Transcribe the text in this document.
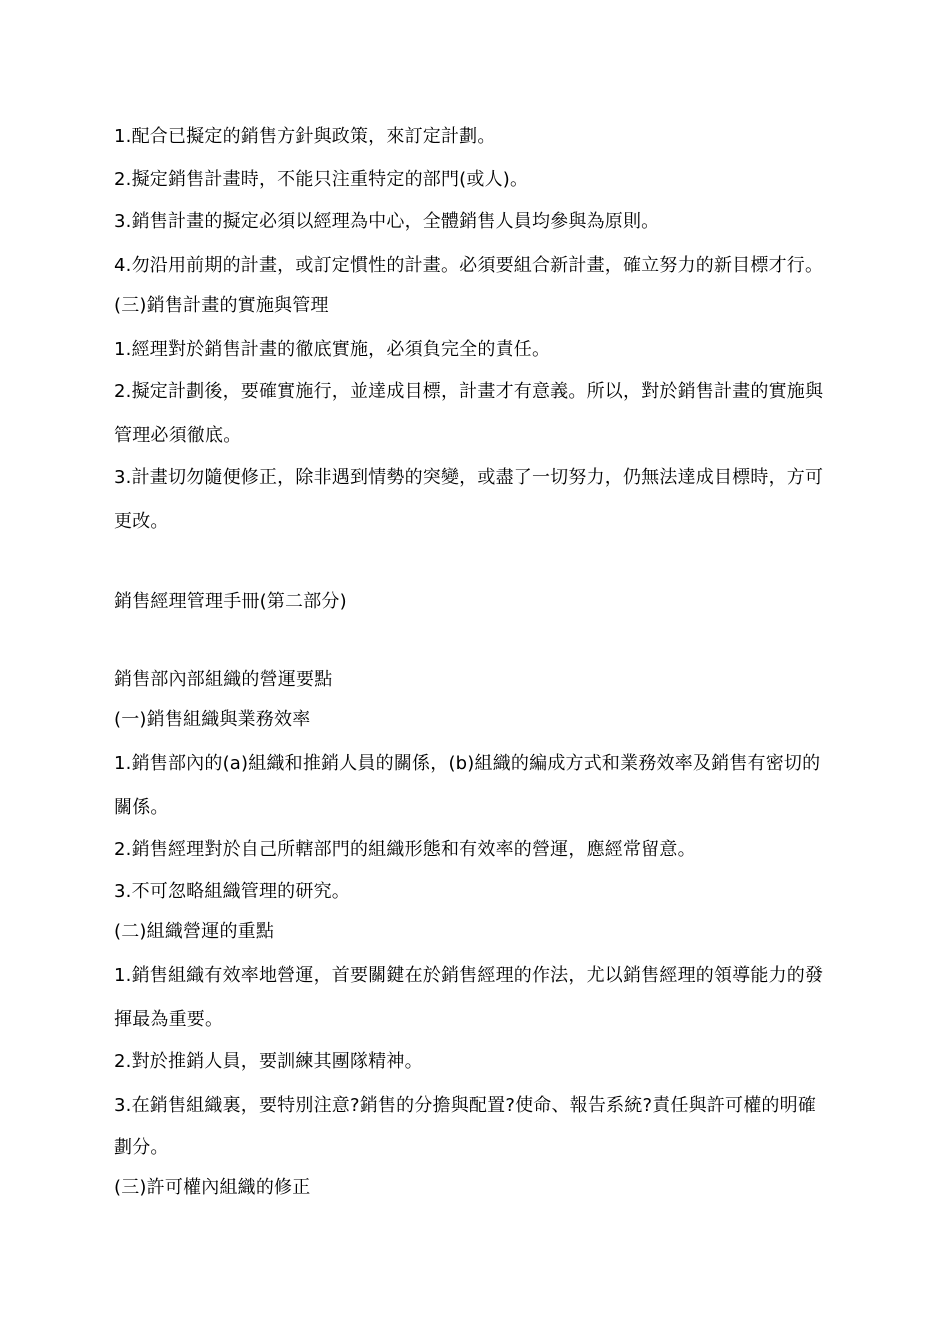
1.配合已擬定的銷售方針與政策，來訂定計劃。
2.擬定銷售計畫時，不能只注重特定的部門(或人)。
3.銷售計畫的擬定必須以經理為中心，全體銷售人員均參與為原則。
4.勿沿用前期的計畫，或訂定慣性的計畫。必須要組合新計畫，確立努力的新目標才行。
(三)銷售計畫的實施與管理
1.經理對於銷售計畫的徹底實施，必須負完全的責任。
2.擬定計劃後，要確實施行，並達成目標，計畫才有意義。所以，對於銷售計畫的實施與
管理必須徹底。
3.計畫切勿隨便修正，除非遇到情勢的突變，或盡了一切努力，仍無法達成目標時，方可
更改。
銷售經理管理手冊(第二部分)
銷售部內部組織的營運要點
(一)銷售組織與業務效率
1.銷售部內的(a)組織和推銷人員的關係，(b)組織的編成方式和業務效率及銷售有密切的
關係。
2.銷售經理對於自己所轄部門的組織形態和有效率的營運，應經常留意。
3.不可忽略組織管理的研究。
(二)組織營運的重點
1.銷售組織有效率地營運，首要關鍵在於銷售經理的作法，尤以銷售經理的領導能力的發
揮最為重要。
2.對於推銷人員，要訓練其團隊精神。
3.在銷售組織裏，要特別注意?銷售的分擔與配置?使命、報告系統?責任與許可權的明確
劃分。
(三)許可權內組織的修正
